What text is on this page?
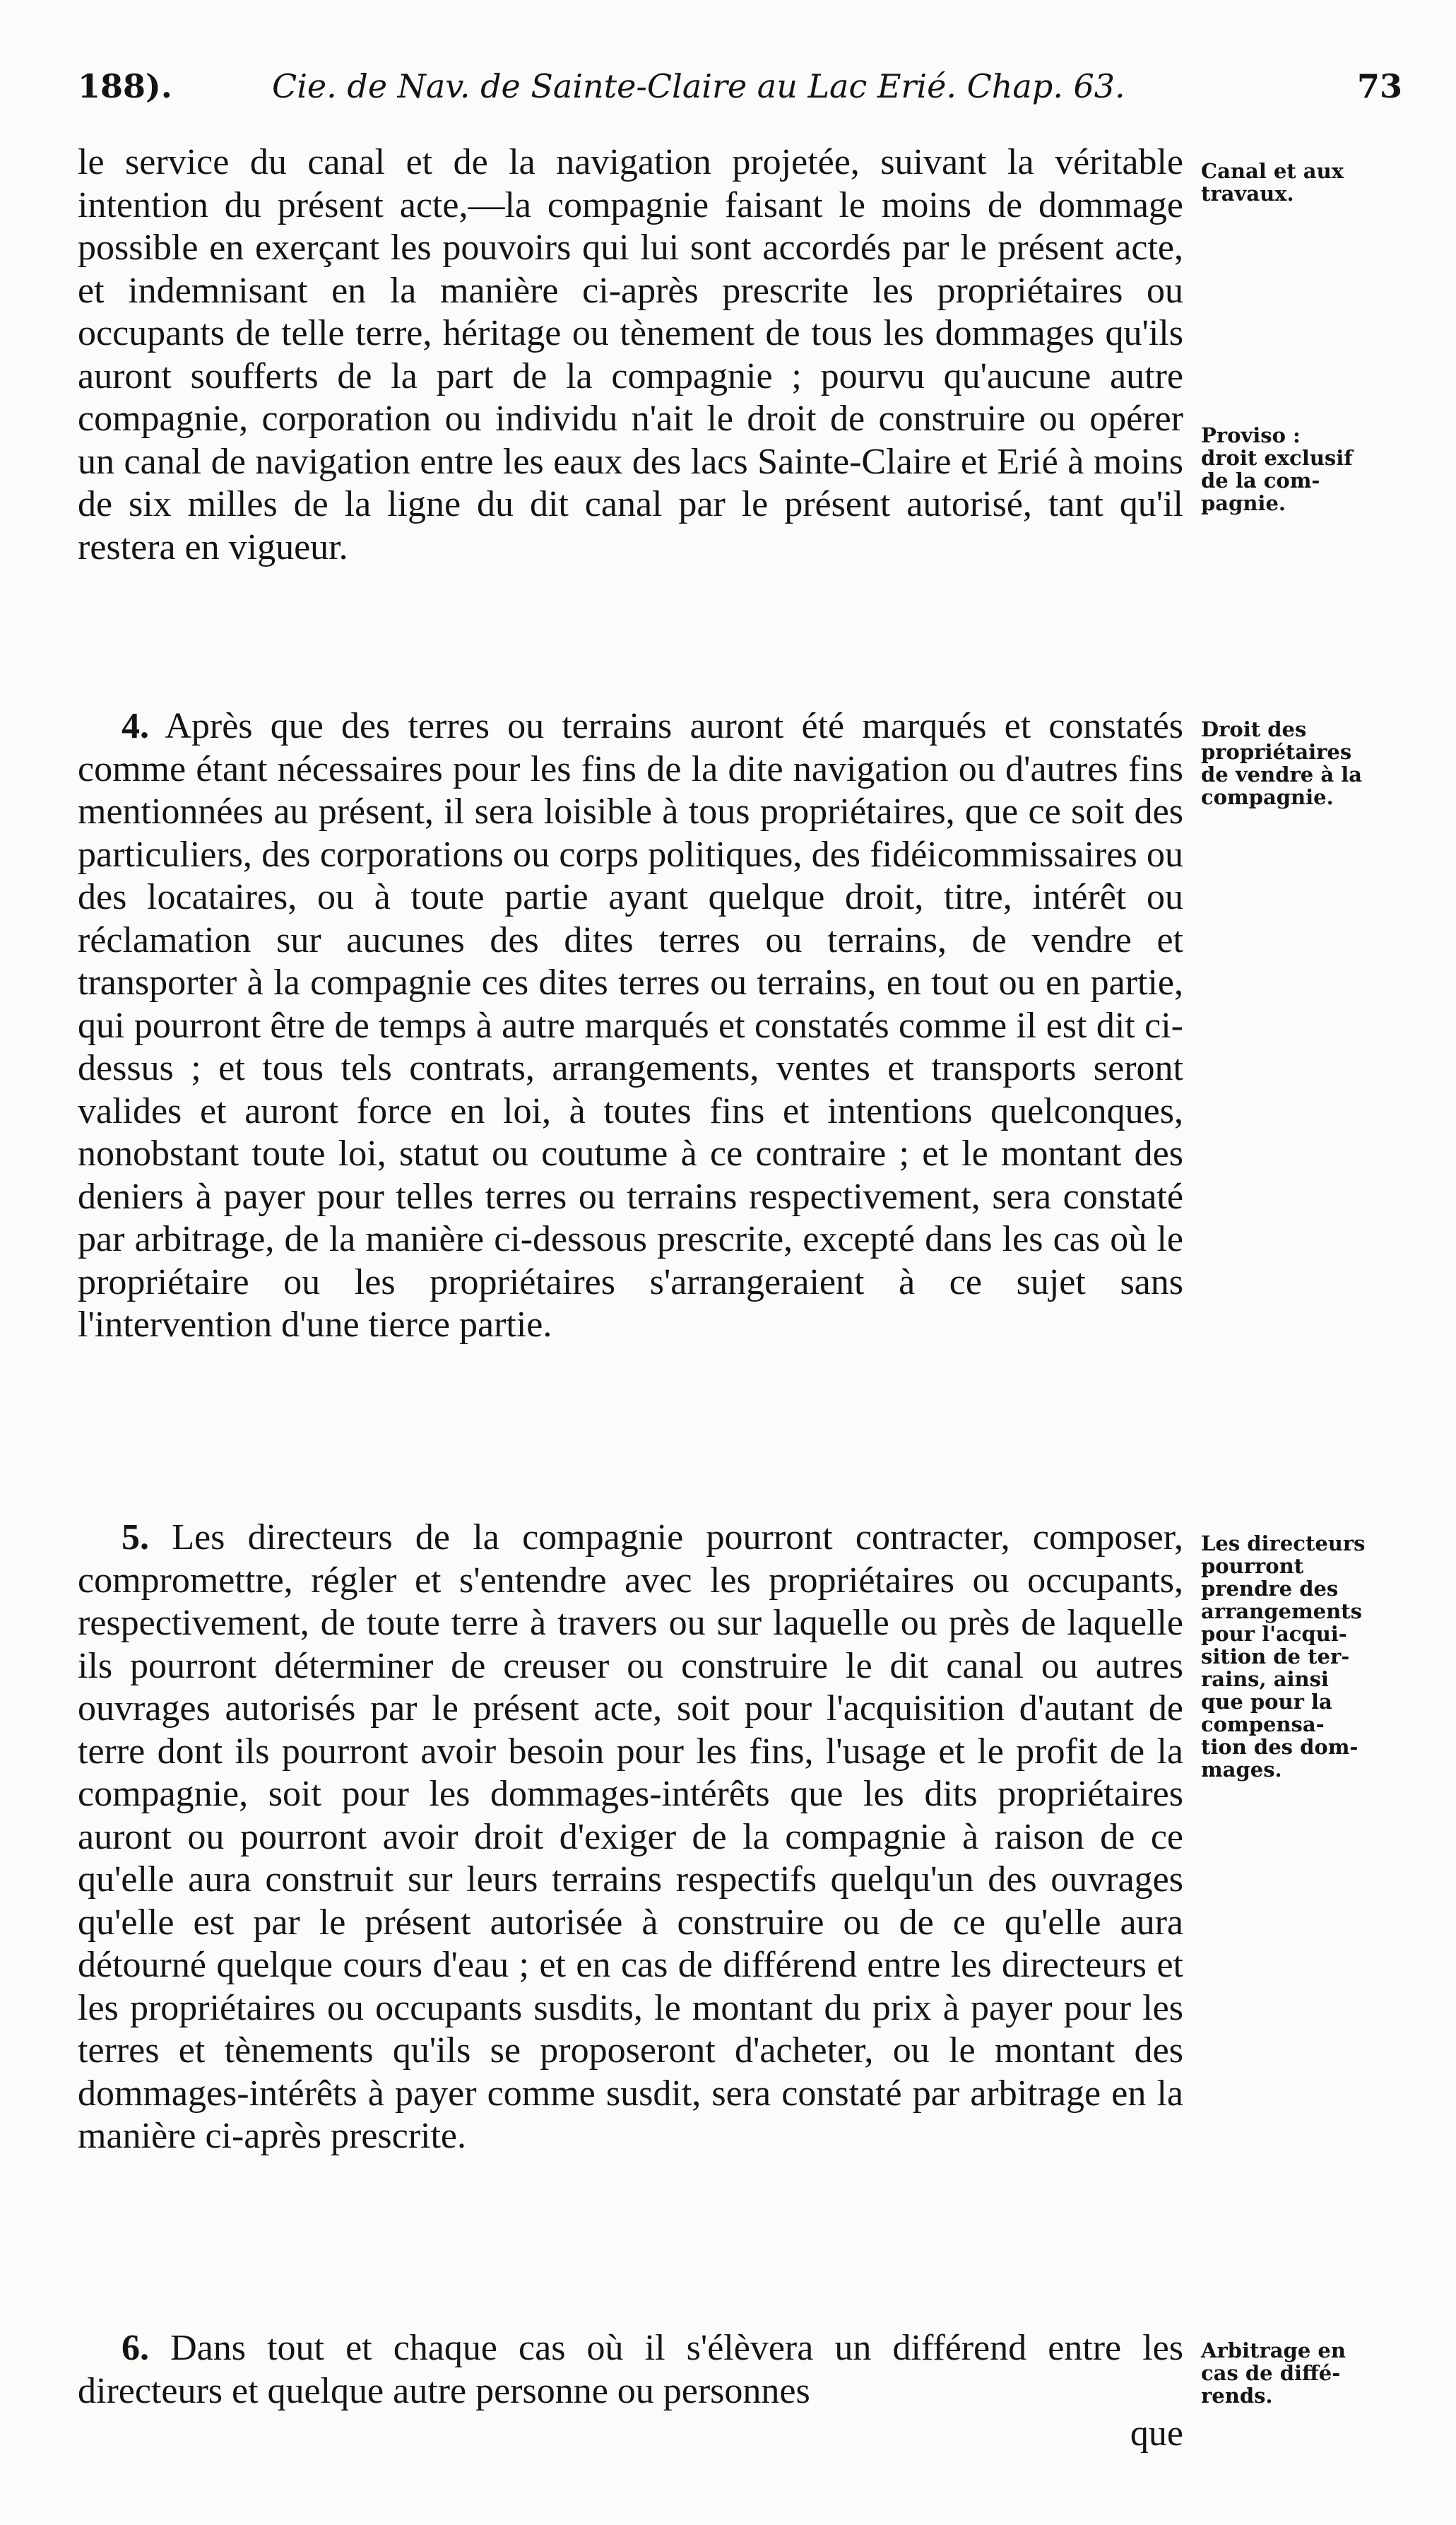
188).	Cie. de Nav. de Sainte-Claire au Lac Erié. Chap. 63.	73

le service du canal et de la navigation projetée, suivant la véritable intention du présent acte,—la compagnie faisant le moins de dommage possible en exerçant les pouvoirs qui lui sont accordés par le présent acte, et indemnisant en la manière ci-après prescrite les propriétaires ou occupants de telle terre, héritage ou tènement de tous les dommages qu'ils auront soufferts de la part de la compagnie ; pourvu qu'aucune autre compagnie, corporation ou individu n'ait le droit de construire ou opérer un canal de navigation entre les eaux des lacs Sainte-Claire et Erié à moins de six milles de la ligne du dit canal par le présent autorisé, tant qu'il restera en vigueur.

4. Après que des terres ou terrains auront été marqués et constatés comme étant nécessaires pour les fins de la dite navigation ou d'autres fins mentionnées au présent, il sera loisible à tous propriétaires, que ce soit des particuliers, des corporations ou corps politiques, des fidéicommissaires ou des locataires, ou à toute partie ayant quelque droit, titre, intérêt ou réclamation sur aucunes des dites terres ou terrains, de vendre et transporter à la compagnie ces dites terres ou terrains, en tout ou en partie, qui pourront être de temps à autre marqués et constatés comme il est dit ci-dessus ; et tous tels contrats, arrangements, ventes et transports seront valides et auront force en loi, à toutes fins et intentions quelconques, nonobstant toute loi, statut ou coutume à ce contraire ; et le montant des deniers à payer pour telles terres ou terrains respectivement, sera constaté par arbitrage, de la manière ci-dessous prescrite, excepté dans les cas où le propriétaire ou les propriétaires s'arrangeraient à ce sujet sans l'intervention d'une tierce partie.

5. Les directeurs de la compagnie pourront contracter, composer, compromettre, régler et s'entendre avec les propriétaires ou occupants, respectivement, de toute terre à travers ou sur laquelle ou près de laquelle ils pourront déterminer de creuser ou construire le dit canal ou autres ouvrages autorisés par le présent acte, soit pour l'acquisition d'autant de terre dont ils pourront avoir besoin pour les fins, l'usage et le profit de la compagnie, soit pour les dommages-intérêts que les dits propriétaires auront ou pourront avoir droit d'exiger de la compagnie à raison de ce qu'elle aura construit sur leurs terrains respectifs quelqu'un des ouvrages qu'elle est par le présent autorisée à construire ou de ce qu'elle aura détourné quelque cours d'eau ; et en cas de différend entre les directeurs et les propriétaires ou occupants susdits, le montant du prix à payer pour les terres et tènements qu'ils se proposeront d'acheter, ou le montant des dommages-intérêts à payer comme susdit, sera constaté par arbitrage en la manière ci-après prescrite.

6. Dans tout et chaque cas où il s'élèvera un différend entre les directeurs et quelque autre personne ou personnes

que
Canal et aux
travaux.
Proviso :
droit exclusif
de la com-
pagnie.
Droit des
propriétaires
de vendre à la
compagnie.
Les directeurs
pourront
prendre des
arrangements
pour l'acqui-
sition de ter-
rains, ainsi
que pour la
compensa-
tion des dom-
mages.
Arbitrage en
cas de diffé-
rends.
